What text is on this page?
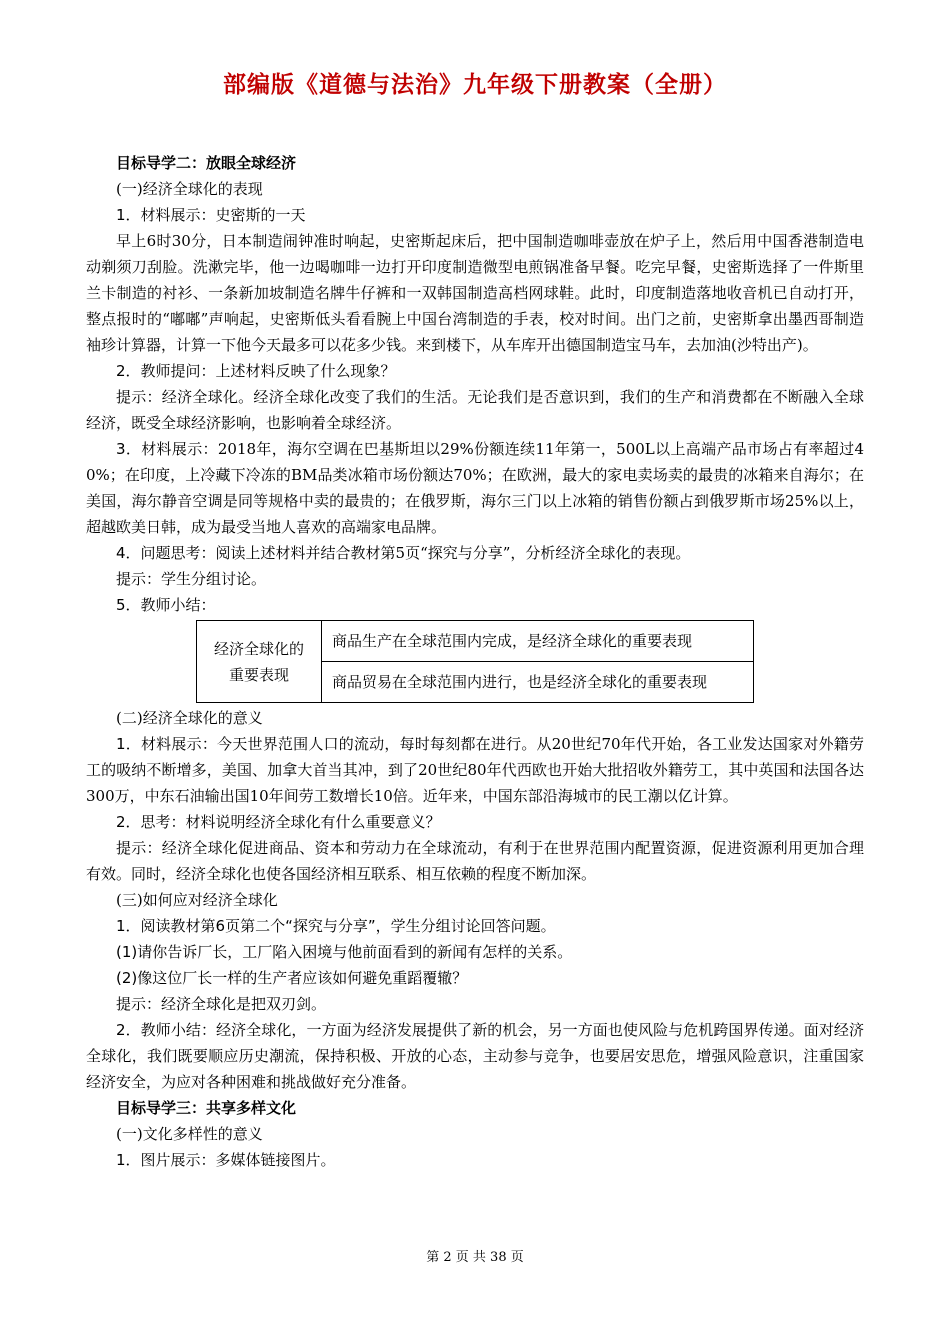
部编版《道德与法治》九年级下册教案（全册）

目标导学二：放眼全球经济

(一)经济全球化的表现

1．材料展示：史密斯的一天

早上6时30分，日本制造闹钟准时响起，史密斯起床后，把中国制造咖啡壶放在炉子上，然后用中国香港制造电动剃须刀刮脸。洗漱完毕，他一边喝咖啡一边打开印度制造微型电煎锅准备早餐。吃完早餐，史密斯选择了一件斯里兰卡制造的衬衫、一条新加坡制造名牌牛仔裤和一双韩国制造高档网球鞋。此时，印度制造落地收音机已自动打开，整点报时的“嘟嘟”声响起，史密斯低头看看腕上中国台湾制造的手表，校对时间。出门之前，史密斯拿出墨西哥制造袖珍计算器，计算一下他今天最多可以花多少钱。来到楼下，从车库开出德国制造宝马车，去加油(沙特出产)。

2．教师提问：上述材料反映了什么现象？

提示：经济全球化。经济全球化改变了我们的生活。无论我们是否意识到，我们的生产和消费都在不断融入全球经济，既受全球经济影响，也影响着全球经济。

3．材料展示：2018年，海尔空调在巴基斯坦以29%份额连续11年第一，500L以上高端产品市场占有率超过40%；在印度，上冷藏下冷冻的BM品类冰箱市场份额达70%；在欧洲，最大的家电卖场卖的最贵的冰箱来自海尔；在美国，海尔静音空调是同等规格中卖的最贵的；在俄罗斯，海尔三门以上冰箱的销售份额占到俄罗斯市场25%以上，超越欧美日韩，成为最受当地人喜欢的高端家电品牌。

4．问题思考：阅读上述材料并结合教材第5页“探究与分享”，分析经济全球化的表现。

提示：学生分组讨论。

5．教师小结：

经济全球化的重要表现	商品生产在全球范围内完成，是经济全球化的重要表现
商品贸易在全球范围内进行，也是经济全球化的重要表现

(二)经济全球化的意义

1．材料展示：今天世界范围人口的流动，每时每刻都在进行。从20世纪70年代开始，各工业发达国家对外籍劳工的吸纳不断增多，美国、加拿大首当其冲，到了20世纪80年代西欧也开始大批招收外籍劳工，其中英国和法国各达300万，中东石油输出国10年间劳工数增长10倍。近年来，中国东部沿海城市的民工潮以亿计算。

2．思考：材料说明经济全球化有什么重要意义？

提示：经济全球化促进商品、资本和劳动力在全球流动，有利于在世界范围内配置资源，促进资源利用更加合理有效。同时，经济全球化也使各国经济相互联系、相互依赖的程度不断加深。

(三)如何应对经济全球化

1．阅读教材第6页第二个“探究与分享”，学生分组讨论回答问题。

(1)请你告诉厂长，工厂陷入困境与他前面看到的新闻有怎样的关系。

(2)像这位厂长一样的生产者应该如何避免重蹈覆辙？

提示：经济全球化是把双刃剑。

2．教师小结：经济全球化，一方面为经济发展提供了新的机会，另一方面也使风险与危机跨国界传递。面对经济全球化，我们既要顺应历史潮流，保持积极、开放的心态，主动参与竞争，也要居安思危，增强风险意识，注重国家经济安全，为应对各种困难和挑战做好充分准备。

目标导学三：共享多样文化

(一)文化多样性的意义

1．图片展示：多媒体链接图片。

第 2 页 共 38 页
